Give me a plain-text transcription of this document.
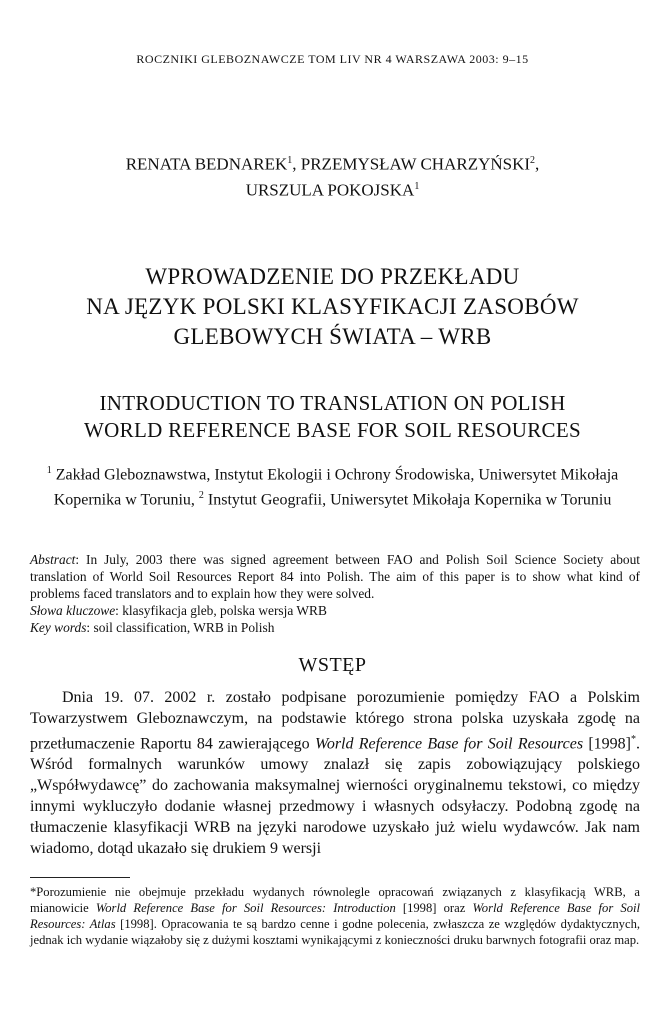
ROCZNIKI GLEBOZNAWCZE TOM LIV NR 4 WARSZAWA 2003: 9–15
RENATA BEDNAREK$^1$, PRZEMYSŁAW CHARZYŃSKI$^2$,
URSZULA POKOJSKA$^1$
WPROWADZENIE DO PRZEKŁADU
NA JĘZYK POLSKI KLASYFIKACJI ZASOBÓW
GLEBOWYCH ŚWIATA – WRB
INTRODUCTION TO TRANSLATION ON POLISH
WORLD REFERENCE BASE FOR SOIL RESOURCES
$^1$ Zakład Gleboznawstwa, Instytut Ekologii i Ochrony Środowiska, Uniwersytet Mikołaja Kopernika w Toruniu, $^2$ Instytut Geografii, Uniwersytet Mikołaja Kopernika w Toruniu

Abstract: In July, 2003 there was signed agreement between FAO and Polish Soil Science Society about translation of World Soil Resources Report 84 into Polish. The aim of this paper is to show what kind of problems faced translators and to explain how they were solved.

Słowa kluczowe: klasyfikacja gleb, polska wersja WRB

Key words: soil classification, WRB in Polish

WSTĘP

Dnia 19. 07. 2002 r. zostało podpisane porozumienie pomiędzy FAO a Polskim Towarzystwem Gleboznawczym, na podstawie którego strona polska uzyskała zgodę na przetłumaczenie Raportu 84 zawierającego World Reference Base for Soil Resources [1998]*. Wśród formalnych warunków umowy znalazł się zapis zobowiązujący polskiego „Współwydawcę” do zachowania maksymalnej wierności oryginalnemu tekstowi, co między innymi wykluczyło dodanie własnej przedmowy i własnych odsyłaczy. Podobną zgodę na tłumaczenie klasyfikacji WRB na języki narodowe uzyskało już wielu wydawców. Jak nam wiadomo, dotąd ukazało się drukiem 9 wersji

*Porozumienie nie obejmuje przekładu wydanych równolegle opracowań związanych z klasyfikacją WRB, a mianowicie World Reference Base for Soil Resources: Introduction [1998] oraz World Reference Base for Soil Resources: Atlas [1998]. Opracowania te są bardzo cenne i godne polecenia, zwłaszcza ze względów dydaktycznych, jednak ich wydanie wiązałoby się z dużymi kosztami wynikającymi z konieczności druku barwnych fotografii oraz map.
